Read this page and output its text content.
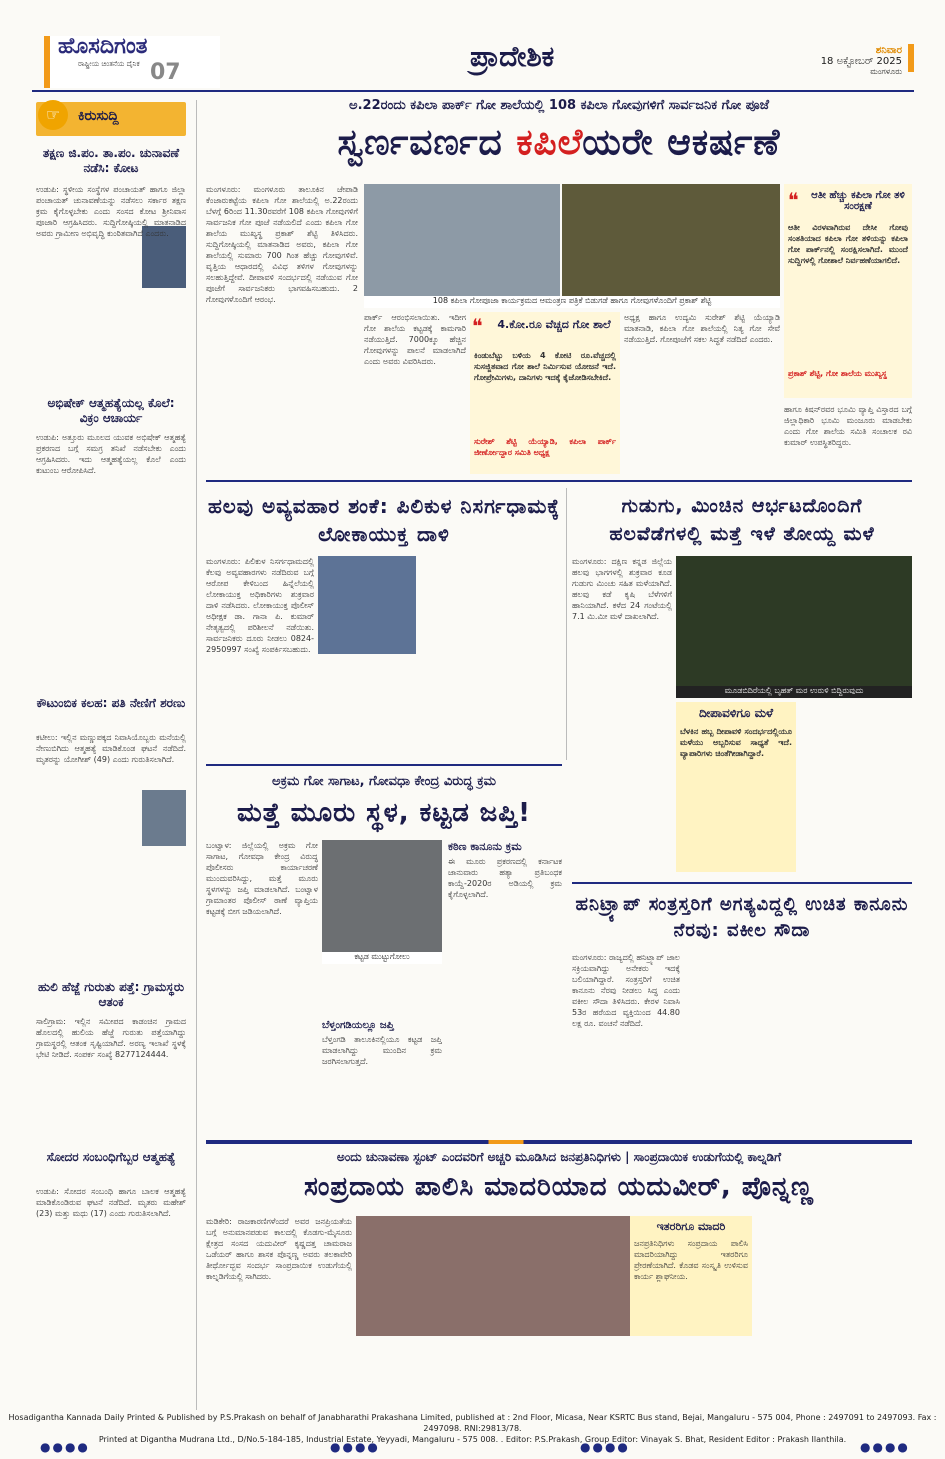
ಹೊಸದಿಗಂತ
ರಾಷ್ಟ್ರೀಯ ಚಿಂತನೆಯ ದೈನಿಕ 07	ಪ್ರಾದೇಶಿಕ	ಶನಿವಾರ
18 ಅಕ್ಟೋಬರ್ 2025
ಮಂಗಳೂರು
☞	ಕಿರುಸುದ್ದಿ
ತಕ್ಷಣ ಜಿ.ಪಂ. ತಾ.ಪಂ. ಚುನಾವಣೆ ನಡೆಸಿ: ಕೋಟ
ಉಡುಪಿ: ಸ್ಥಳೀಯ ಸಂಸ್ಥೆಗಳ ಪಂಚಾಯತ್ ಹಾಗೂ ಜಿಲ್ಲಾ ಪಂಚಾಯತ್ ಚುನಾವಣೆಯನ್ನು ನಡೆಸಲು ಸರ್ಕಾರ ತಕ್ಷಣ ಕ್ರಮ ಕೈಗೊಳ್ಳಬೇಕು ಎಂದು ಸಂಸದ ಕೋಟ ಶ್ರೀನಿವಾಸ ಪೂಜಾರಿ ಆಗ್ರಹಿಸಿದರು. ಸುದ್ದಿಗೋಷ್ಠಿಯಲ್ಲಿ ಮಾತನಾಡಿದ ಅವರು ಗ್ರಾಮೀಣ ಅಭಿವೃದ್ಧಿ ಕುಂಠಿತವಾಗಿದೆ ಎಂದರು.
ಅಭಿಷೇಕ್ ಆತ್ಮಹತ್ಯೆಯಲ್ಲ ಕೊಲೆ: ವಿಕ್ರಂ ಆಚಾರ್ಯ
ಉಡುಪಿ: ಅತ್ತೂರು ಮೂಲದ ಯುವಕ ಅಭಿಷೇಕ್ ಆತ್ಮಹತ್ಯೆ ಪ್ರಕರಣದ ಬಗ್ಗೆ ಸಮಗ್ರ ತನಿಖೆ ನಡೆಸಬೇಕು ಎಂದು ಆಗ್ರಹಿಸಿದರು. ಇದು ಆತ್ಮಹತ್ಯೆಯಲ್ಲ ಕೊಲೆ ಎಂದು ಕುಟುಂಬ ಆರೋಪಿಸಿದೆ.
ಕೌಟುಂಬಿಕ ಕಲಹ: ಪತಿ ನೇಣಿಗೆ ಶರಣು
ಕಟೀಲು: ಇಲ್ಲಿನ ಮಣ್ಣುಪಕ್ಕದ ನಿವಾಸಿಯೊಬ್ಬರು ಮನೆಯಲ್ಲಿ ನೇಣುಬಿಗಿದು ಆತ್ಮಹತ್ಯೆ ಮಾಡಿಕೊಂಡ ಘಟನೆ ನಡೆದಿದೆ. ಮೃತರನ್ನು ಯೋಗೀಶ್ (49) ಎಂದು ಗುರುತಿಸಲಾಗಿದೆ.
ಹುಲಿ ಹೆಜ್ಜೆ ಗುರುತು ಪತ್ತೆ: ಗ್ರಾಮಸ್ಥರು ಆತಂಕ
ಸಾಲಿಗ್ರಾಮ: ಇಲ್ಲಿನ ಸಮೀಪದ ಕಾಡಂಚಿನ ಗ್ರಾಮದ ಹೊಲದಲ್ಲಿ ಹುಲಿಯ ಹೆಜ್ಜೆ ಗುರುತು ಪತ್ತೆಯಾಗಿದ್ದು ಗ್ರಾಮಸ್ಥರಲ್ಲಿ ಆತಂಕ ಸೃಷ್ಟಿಯಾಗಿದೆ. ಅರಣ್ಯ ಇಲಾಖೆ ಸ್ಥಳಕ್ಕೆ ಭೇಟಿ ನೀಡಿದೆ. ಸಂಪರ್ಕ ಸಂಖ್ಯೆ 8277124444.
ಸೋದರ ಸಂಬಂಧಿಗೆಬ್ಬರ ಆತ್ಮಹತ್ಯೆ
ಉಡುಪಿ: ಸೋದರ ಸಂಬಂಧಿ ಹಾಗೂ ಬಾಲಕ ಆತ್ಮಹತ್ಯೆ ಮಾಡಿಕೊಂಡಿರುವ ಘಟನೆ ನಡೆದಿದೆ. ಮೃತರು ಮಹೇಶ್ (23) ಮತ್ತು ಮಧು (17) ಎಂದು ಗುರುತಿಸಲಾಗಿದೆ.
ಅ.22ರಂದು ಕಪಿಲಾ ಪಾರ್ಕ್ ಗೋ ಶಾಲೆಯಲ್ಲಿ 108 ಕಪಿಲಾ ಗೋವುಗಳಿಗೆ ಸಾರ್ವಜನಿಕ ಗೋ ಪೂಜೆ
ಸ್ವರ್ಣವರ್ಣದ ಕಪಿಲೆಯರೇ ಆಕರ್ಷಣೆ
ಮಂಗಳೂರು: ಮಂಗಳೂರು ತಾಲೂಕಿನ ಜೇಪಾಡಿ ಕೆಂಜಾರುಕಟ್ಟೆಯ ಕಪಿಲಾ ಗೋ ಶಾಲೆಯಲ್ಲಿ ಅ.22ರಂದು ಬೆಳಗ್ಗೆ 6ರಿಂದ 11.30ರವರೆಗೆ 108 ಕಪಿಲಾ ಗೋವುಗಳಿಗೆ ಸಾರ್ವಜನಿಕ ಗೋ ಪೂಜೆ ನಡೆಯಲಿದೆ ಎಂದು ಕಪಿಲಾ ಗೋ ಶಾಲೆಯ ಮುಖ್ಯಸ್ಥ ಪ್ರಕಾಶ್ ಶೆಟ್ಟಿ ತಿಳಿಸಿದರು. ಸುದ್ದಿಗೋಷ್ಠಿಯಲ್ಲಿ ಮಾತನಾಡಿದ ಅವರು, ಕಪಿಲಾ ಗೋ ಶಾಲೆಯಲ್ಲಿ ಸುಮಾರು 700 ಗಿಂತ ಹೆಚ್ಚು ಗೋವುಗಳಿವೆ. ವೃತ್ತಿಯ ಆಧಾರದಲ್ಲಿ ವಿವಿಧ ತಳಿಗಳ ಗೋವುಗಳನ್ನು ಸಲಹುತ್ತಿದ್ದೇವೆ. ದೀಪಾವಳಿ ಸಂದರ್ಭದಲ್ಲಿ ನಡೆಯುವ ಗೋ ಪೂಜೆಗೆ ಸಾರ್ವಜನಿಕರು ಭಾಗವಹಿಸಬಹುದು. 2 ಗೋವುಗಳೊಂದಿಗೆ ಆರಂಭ.	108 ಕಪಿಲಾ ಗೋಪೂಜಾ ಕಾರ್ಯಕ್ರಮದ ಆಮಂತ್ರಣ ಪತ್ರಿಕೆ ಬಿಡುಗಡೆ ಹಾಗೂ ಗೋವುಗಳೊಂದಿಗೆ ಪ್ರಕಾಶ್ ಶೆಟ್ಟಿ
❝	ಆತೀ ಹೆಚ್ಚು ಕಪಿಲಾ ಗೋ ತಳಿ ಸಂರಕ್ಷಣೆ
ಆತೀ ವಿರಳವಾಗಿರುವ ದೇಸೀ ಗೋವು ಸಂತತಿಯಾದ ಕಪಿಲಾ ಗೋ ತಳಿಯನ್ನು ಕಪಿಲಾ ಗೋ ಪಾರ್ಕ್‌ನಲ್ಲಿ ಸಂರಕ್ಷಿಸಲಾಗಿದೆ. ಮುಂದೆ ಸುದ್ದಿಗಳಲ್ಲಿ ಗೋಶಾಲೆ ನಿರ್ವಹಣೆಯಾಗಲಿದೆ.
ಪ್ರಕಾಶ್ ಶೆಟ್ಟಿ, ಗೋ ಶಾಲೆಯ ಮುಖ್ಯಸ್ಥ
ಪಾರ್ಕ್ ಆರಂಭಿಸಲಾಯಿತು. ಇದೀಗ ಗೋ ಶಾಲೆಯ ಕಟ್ಟಡಕ್ಕೆ ಕಾಮಗಾರಿ ನಡೆಯುತ್ತಿದೆ. 7000ಕ್ಕೂ ಹೆಚ್ಚಿನ ಗೋವುಗಳನ್ನು ಪಾಲನೆ ಮಾಡಲಾಗಿದೆ ಎಂದು ಅವರು ವಿವರಿಸಿದರು.
❝	4.ಕೋ.ರೂ ವೆಚ್ಚದ ಗೋ ಶಾಲೆ
ಕಿಂಡುಬೆಟ್ಟು ಬಳಿಯ 4 ಕೋಟಿ ರೂ.ವೆಚ್ಚದಲ್ಲಿ ಸುಸಜ್ಜಿತವಾದ ಗೋ ಶಾಲೆ ನಿರ್ಮಿಸುವ ಯೋಜನೆ ಇದೆ. ಗೋಪ್ರೇಮಿಗಳು, ದಾನಿಗಳು ಇದಕ್ಕೆ ಕೈಜೋಡಿಸಬೇಕಿದೆ.
ಸುರೇಶ್ ಶೆಟ್ಟಿ ಯೆಯ್ಯಾಡಿ, ಕಪಿಲಾ ಪಾರ್ಕ್ ಜೀರ್ಣೋದ್ಧಾರ ಸಮಿತಿ ಅಧ್ಯಕ್ಷ
ಅಧ್ಯಕ್ಷ ಹಾಗೂ ಉದ್ಯಮಿ ಸುರೇಶ್ ಶೆಟ್ಟಿ ಯೆಯ್ಯಾಡಿ ಮಾತನಾಡಿ, ಕಪಿಲಾ ಗೋ ಶಾಲೆಯಲ್ಲಿ ನಿತ್ಯ ಗೋ ಸೇವೆ ನಡೆಯುತ್ತಿದೆ. ಗೋಪೂಜೆಗೆ ಸಕಲ ಸಿದ್ಧತೆ ನಡೆದಿದೆ ಎಂದರು.
ಹಾಗೂ ಕಿಷನ್‌ರವರ ಭೂಮಿ ವ್ಯಾಪ್ತಿ ವಿಸ್ತಾರದ ಬಗ್ಗೆ ಜಿಲ್ಲಾಧಿಕಾರಿ ಭೂಮಿ ಮಂಜೂರು ಮಾಡಬೇಕು ಎಂದು ಗೋ ಶಾಲೆಯ ಸಮಿತಿ ಸಂಚಾಲಕ ರವಿ ಕುಮಾರ್ ಉಪಸ್ಥಿತರಿದ್ದರು.
ಹಲವು ಅವ್ಯವಹಾರ ಶಂಕೆ: ಪಿಲಿಕುಳ ನಿಸರ್ಗಧಾಮಕ್ಕೆ ಲೋಕಾಯುಕ್ತ ದಾಳಿ
ಮಂಗಳೂರು: ಪಿಲಿಕುಳ ನಿಸರ್ಗಧಾಮದಲ್ಲಿ ಕೆಲವು ಅವ್ಯವಹಾರಗಳು ನಡೆದಿರುವ ಬಗ್ಗೆ ಆರೋಪ ಕೇಳಿಬಂದ ಹಿನ್ನೆಲೆಯಲ್ಲಿ ಲೋಕಾಯುಕ್ತ ಅಧಿಕಾರಿಗಳು ಶುಕ್ರವಾರ ದಾಳಿ ನಡೆಸಿದರು. ಲೋಕಾಯುಕ್ತ ಪೊಲೀಸ್ ಅಧೀಕ್ಷಕ ಡಾ. ಗಾನಾ ಪಿ. ಕುಮಾರ್ ನೇತೃತ್ವದಲ್ಲಿ ಪರಿಶೀಲನೆ ನಡೆಯಿತು. ಸಾರ್ವಜನಿಕರು ದೂರು ನೀಡಲು 0824-2950997 ಸಂಖ್ಯೆ ಸಂಪರ್ಕಿಸಬಹುದು.
ಗುಡುಗು, ಮಿಂಚಿನ ಆರ್ಭಟದೊಂದಿಗೆ ಹಲವೆಡೆಗಳಲ್ಲಿ ಮತ್ತೆ ಇಳೆ ತೋಯ್ದ ಮಳೆ
ಮಂಗಳೂರು: ದಕ್ಷಿಣ ಕನ್ನಡ ಜಿಲ್ಲೆಯ ಹಲವು ಭಾಗಗಳಲ್ಲಿ ಶುಕ್ರವಾರ ಕೂಡ ಗುಡುಗು ಮಿಂಚು ಸಹಿತ ಮಳೆಯಾಗಿದೆ. ಹಲವು ಕಡೆ ಕೃಷಿ ಬೆಳೆಗಳಿಗೆ ಹಾನಿಯಾಗಿದೆ. ಕಳೆದ 24 ಗಂಟೆಯಲ್ಲಿ 7.1 ಮಿ.ಮೀ ಮಳೆ ದಾಖಲಾಗಿದೆ.
ಮೂಡಬಿದಿರೆಯಲ್ಲಿ ಬೃಹತ್ ಮರ ಉರುಳಿ ಬಿದ್ದಿರುವುದು
ದೀಪಾವಳಿಗೂ ಮಳೆ
ಬೆಳಕಿನ ಹಬ್ಬ ದೀಪಾವಳಿ ಸಂದರ್ಭದಲ್ಲಿಯೂ ಮಳೆಯು ಅಬ್ಬರಿಸುವ ಸಾಧ್ಯತೆ ಇದೆ. ವ್ಯಾಪಾರಿಗಳು ಚಿಂತೆಗೀಡಾಗಿದ್ದಾರೆ.
ಅಕ್ರಮ ಗೋ ಸಾಗಾಟ, ಗೋವಧಾ ಕೇಂದ್ರ ವಿರುದ್ಧ ಕ್ರಮ
ಮತ್ತೆ ಮೂರು ಸ್ಥಳ, ಕಟ್ಟಡ ಜಪ್ತಿ!
ಬಂಟ್ವಾಳ: ಜಿಲ್ಲೆಯಲ್ಲಿ ಅಕ್ರಮ ಗೋ ಸಾಗಾಟ, ಗೋವಧಾ ಕೇಂದ್ರ ವಿರುದ್ಧ ಪೊಲೀಸರು ಕಾರ್ಯಾಚರಣೆ ಮುಂದುವರಿಸಿದ್ದು, ಮತ್ತೆ ಮೂರು ಸ್ಥಳಗಳನ್ನು ಜಪ್ತಿ ಮಾಡಲಾಗಿದೆ. ಬಂಟ್ವಾಳ ಗ್ರಾಮಾಂತರ ಪೊಲೀಸ್ ಠಾಣೆ ವ್ಯಾಪ್ತಿಯ ಕಟ್ಟಡಕ್ಕೆ ಬೀಗ ಜಡಿಯಲಾಗಿದೆ.
ಕಟ್ಟಡ ಮುಟ್ಟುಗೋಲು
ಕಠಿಣ ಕಾನೂನು ಕ್ರಮ
ಈ ಮೂರು ಪ್ರಕರಣದಲ್ಲಿ ಕರ್ನಾಟಕ ಜಾನುವಾರು ಹತ್ಯಾ ಪ್ರತಿಬಂಧಕ ಕಾಯ್ದೆ-2020ರ ಅಡಿಯಲ್ಲಿ ಕ್ರಮ ಕೈಗೊಳ್ಳಲಾಗಿದೆ.
ಬೆಳ್ತಂಗಡಿಯಲ್ಲೂ ಜಪ್ತಿ
ಬೆಳ್ತಂಗಡಿ ತಾಲೂಕಿನಲ್ಲಿಯೂ ಕಟ್ಟಡ ಜಪ್ತಿ ಮಾಡಲಾಗಿದ್ದು ಮುಂದಿನ ಕ್ರಮ ಜರಗಿಸಲಾಗುತ್ತದೆ.
ಹನಿಟ್ರ್ಯಾಪ್ ಸಂತ್ರಸ್ತರಿಗೆ ಅಗತ್ಯವಿದ್ದಲ್ಲಿ ಉಚಿತ ಕಾನೂನು ನೆರವು: ವಕೀಲ ಸೌದಾ
ಮಂಗಳೂರು: ರಾಜ್ಯದಲ್ಲಿ ಹನಿಟ್ರ್ಯಾಪ್ ಜಾಲ ಸಕ್ರಿಯವಾಗಿದ್ದು ಅನೇಕರು ಇದಕ್ಕೆ ಬಲಿಯಾಗಿದ್ದಾರೆ. ಸಂತ್ರಸ್ತರಿಗೆ ಉಚಿತ ಕಾನೂನು ನೆರವು ನೀಡಲು ಸಿದ್ಧ ಎಂದು ವಕೀಲ ಸೌದಾ ತಿಳಿಸಿದರು. ಕೇರಳ ನಿವಾಸಿ 53ರ ಹರೆಯದ ವ್ಯಕ್ತಿಯಿಂದ 44.80 ಲಕ್ಷ ರೂ. ವಂಚನೆ ನಡೆದಿದೆ.
ಅಂದು ಚುನಾವಣಾ ಸ್ಟಂಟ್ ಎಂದವರಿಗೆ ಅಚ್ಚರಿ ಮೂಡಿಸಿದ ಜನಪ್ರತಿನಿಧಿಗಳು | ಸಾಂಪ್ರದಾಯಿಕ ಉಡುಗೆಯಲ್ಲಿ ಕಾಲ್ನಡಿಗೆ
ಸಂಪ್ರದಾಯ ಪಾಲಿಸಿ ಮಾದರಿಯಾದ ಯದುವೀರ್, ಪೊನ್ನಣ್ಣ
ಮಡಿಕೇರಿ: ರಾಜಕಾರಣಿಗಳೆಂದರೆ ಅವರ ಜನಪ್ರಿಯತೆಯ ಬಗ್ಗೆ ಅನುಮಾನಪಡುವ ಕಾಲದಲ್ಲಿ ಕೊಡಗು-ಮೈಸೂರು ಕ್ಷೇತ್ರದ ಸಂಸದ ಯದುವೀರ್ ಕೃಷ್ಣದತ್ತ ಚಾಮರಾಜ ಒಡೆಯರ್ ಹಾಗೂ ಶಾಸಕ ಪೊನ್ನಣ್ಣ ಅವರು ತಲಕಾವೇರಿ ತೀರ್ಥೋದ್ಭವ ಸಂದರ್ಭ ಸಾಂಪ್ರದಾಯಿಕ ಉಡುಗೆಯಲ್ಲಿ ಕಾಲ್ನಡಿಗೆಯಲ್ಲಿ ಸಾಗಿದರು.
ಇತರರಿಗೂ ಮಾದರಿ
ಜನಪ್ರತಿನಿಧಿಗಳು ಸಂಪ್ರದಾಯ ಪಾಲಿಸಿ ಮಾದರಿಯಾಗಿದ್ದು ಇತರರಿಗೂ ಪ್ರೇರಣೆಯಾಗಿದೆ. ಕೊಡವ ಸಂಸ್ಕೃತಿ ಉಳಿಸುವ ಕಾರ್ಯ ಶ್ಲಾಘನೀಯ.
Hosadigantha Kannada Daily Printed & Published by P.S.Prakash on behalf of Janabharathi Prakashana Limited, published at : 2nd Floor, Micasa, Near KSRTC Bus stand, Bejai, Mangaluru - 575 004, Phone : 2497091 to 2497093. Fax : 2497098. RNI:29813/78.
Printed at Digantha Mudrana Ltd., D/No.5-184-185, Industrial Estate, Yeyyadi, Mangaluru - 575 008. . Editor: P.S.Prakash, Group Editor: Vinayak S. Bhat, Resident Editor : Prakash Ilanthila.
●●●●	●●●●	●●●●	●●●●
